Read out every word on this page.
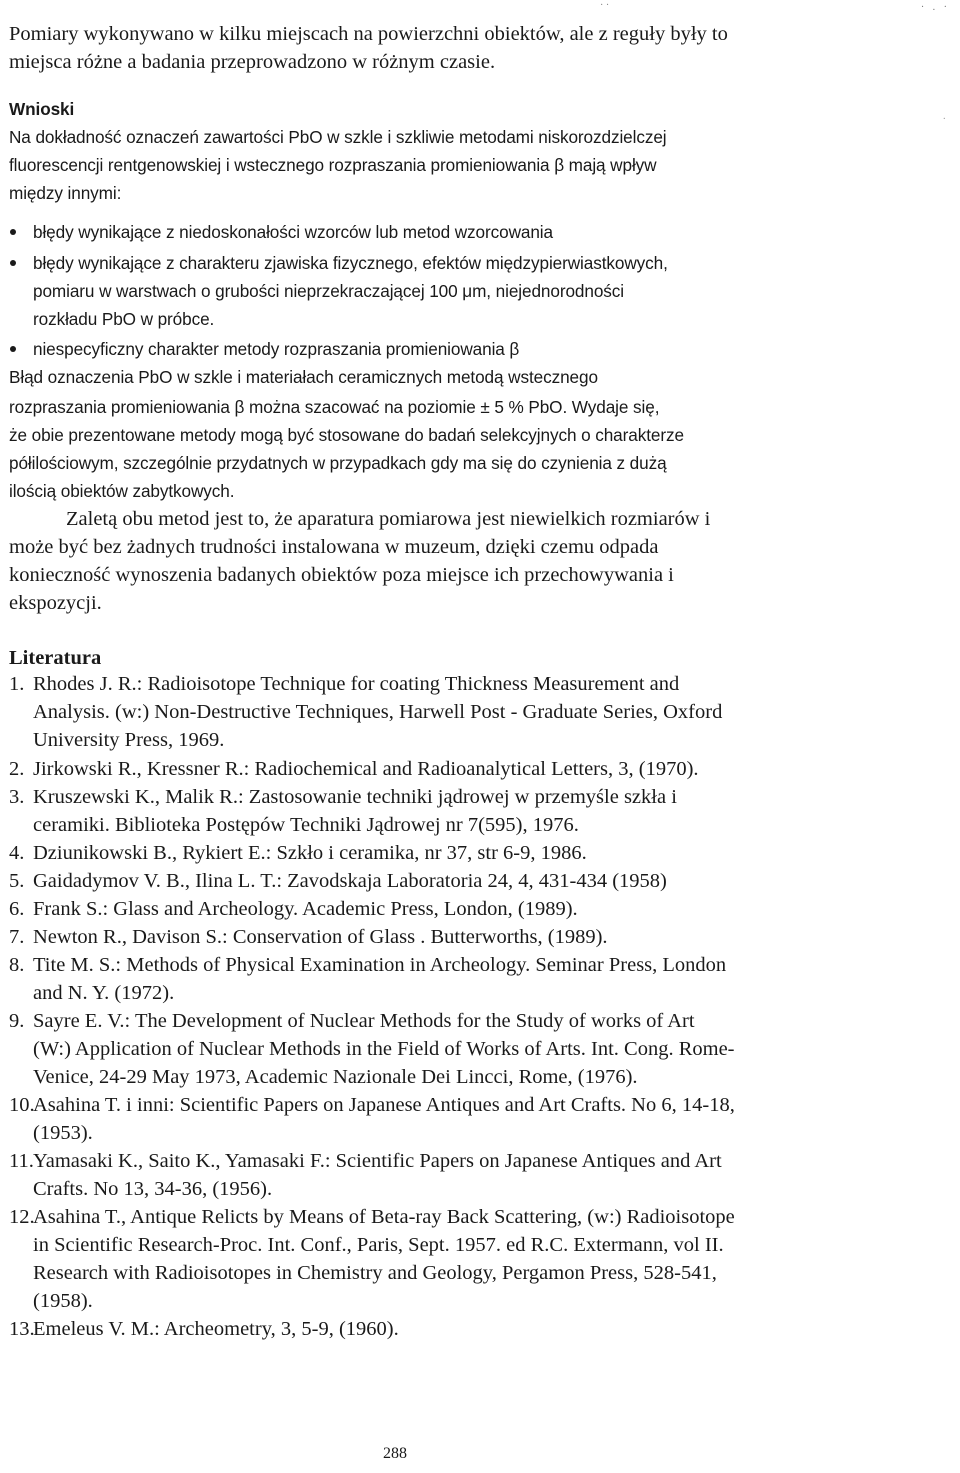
Pomiary wykonywano w kilku miejscach na powierzchni obiektów, ale z reguły były to
miejsca różne a badania przeprowadzono w różnym czasie.
Wnioski
Na dokładność oznaczeń zawartości PbO w szkle i szkliwie metodami niskorozdzielczej
fluorescencji rentgenowskiej i wstecznego rozpraszania promieniowania β mają wpływ
między innymi:
błędy wynikające z niedoskonałości wzorców lub metod wzorcowania
błędy wynikające z charakteru zjawiska fizycznego, efektów międzypierwiastkowych,
pomiaru w warstwach o grubości nieprzekraczającej 100 μm, niejednorodności
rozkładu PbO w próbce.
niespecyficzny charakter metody rozpraszania promieniowania β
Błąd oznaczenia PbO w szkle i materiałach ceramicznych metodą wstecznego
rozpraszania promieniowania β można szacować na poziomie ± 5 % PbO. Wydaje się,
że obie prezentowane metody mogą być stosowane do badań selekcyjnych o charakterze
półilościowym, szczególnie przydatnych w przypadkach gdy ma się do czynienia z dużą
ilością obiektów zabytkowych.
Zaletą obu metod jest to, że aparatura pomiarowa jest niewielkich rozmiarów i
może być bez żadnych trudności instalowana w muzeum, dzięki czemu odpada
konieczność wynoszenia badanych obiektów poza miejsce ich przechowywania i
ekspozycji.
Literatura
1. Rhodes J. R.: Radioisotope Technique for coating Thickness Measurement and
Analysis. (w:) Non-Destructive Techniques, Harwell Post - Graduate Series, Oxford
University Press, 1969.
2. Jirkowski R., Kressner R.: Radiochemical and Radioanalytical Letters, 3, (1970).
3. Kruszewski K., Malik R.: Zastosowanie techniki jądrowej w przemyśle szkła i
ceramiki. Biblioteka Postępów Techniki Jądrowej nr 7(595), 1976.
4. Dziunikowski B., Rykiert E.: Szkło i ceramika, nr 37, str 6-9, 1986.
5. Gaidadymov V. B., Ilina L. T.: Zavodskaja Laboratoria 24, 4, 431-434 (1958)
6. Frank S.: Glass and Archeology. Academic Press, London, (1989).
7. Newton R., Davison S.: Conservation of Glass . Butterworths, (1989).
8. Tite M. S.: Methods of Physical Examination in Archeology. Seminar Press, London
and N. Y. (1972).
9. Sayre E. V.: The Development of Nuclear Methods for the Study of works of Art
(W:) Application of Nuclear Methods in the Field of Works of Arts. Int. Cong. Rome-
Venice, 24-29 May 1973, Academic Nazionale Dei Lincci, Rome, (1976).
10.
Asahina T. i inni: Scientific Papers on Japanese Antiques and Art Crafts. No 6, 14-18,
(1953).
11. Yamasaki K., Saito K., Yamasaki F.: Scientific Papers on Japanese Antiques and Art
Crafts. No 13, 34-36, (1956).
12.
Asahina T., Antique Relicts by Means of Beta-ray Back Scattering, (w:) Radioisotope
in Scientific Research-Proc. Int. Conf., Paris, Sept. 1957. ed R.C. Extermann, vol II.
Research with Radioisotopes in Chemistry and Geology, Pergamon Press, 528-541,
(1958).
13.
Emeleus V. M.: Archeometry, 3, 5-9, (1960).
288
· . ·
· ·
·
